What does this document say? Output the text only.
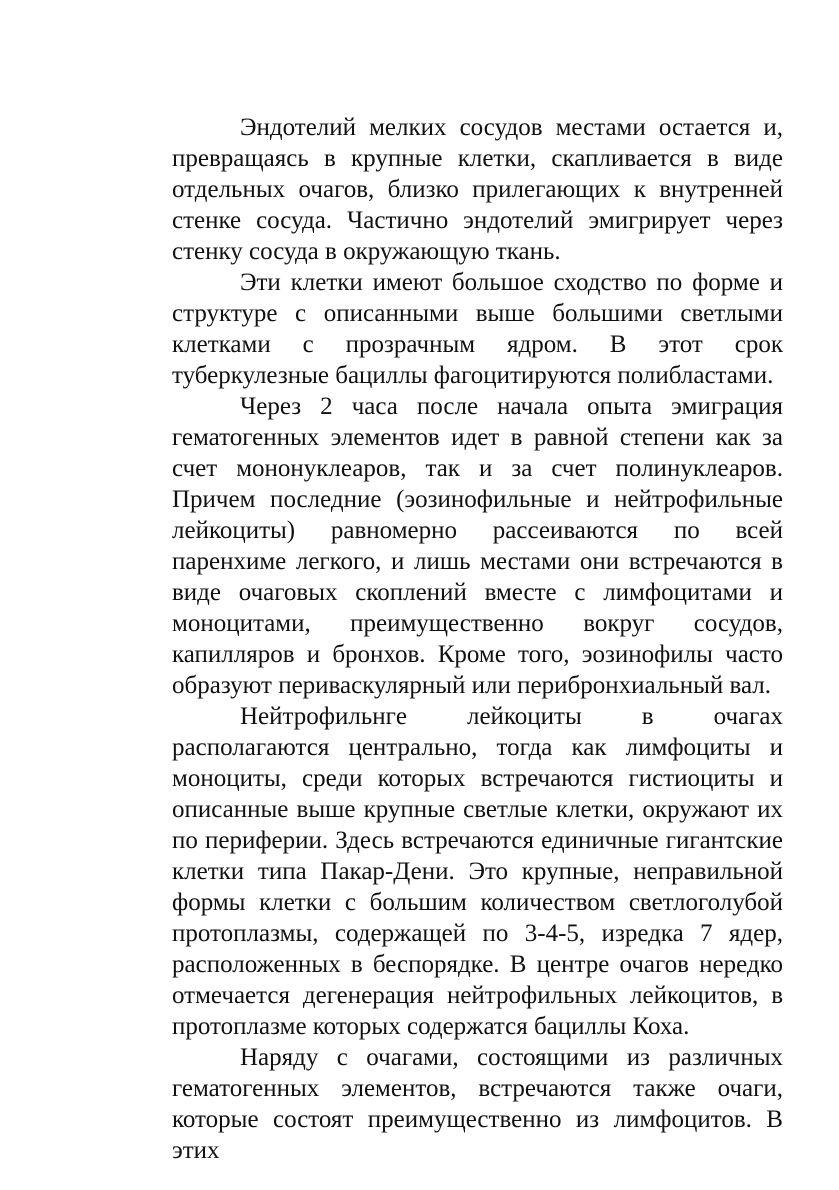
Эндотелий мелких сосудов местами остается и, превращаясь в крупные клетки, скапливается в виде отдельных очагов, близко прилегающих к внутренней стенке сосуда. Частично эндотелий эмигрирует через стенку сосуда в окружающую ткань.

Эти клетки имеют большое сходство по форме и структуре с описанными выше большими светлыми клетками с прозрачным ядром. В этот срок туберкулезные бациллы фагоцитируются полибластами.

Через 2 часа после начала опыта эмиграция гематогенных элементов идет в равной степени как за счет мононуклеаров, так и за счет полинуклеаров. Причем последние (эозинофильные и нейтрофильные лейкоциты) равномерно рассеиваются по всей паренхиме легкого, и лишь местами они встречаются в виде очаговых скоплений вместе с лимфоцитами и моноцитами, преимущественно вокруг сосудов, капилляров и бронхов. Кроме того, эозинофилы часто образуют периваскулярный или перибронхиальный вал.

Нейтрофильнгe лейкоциты в очагах располагаются центрально, тогда как лимфоциты и моноциты, среди которых встречаются гистиоциты и описанные выше крупные светлые клетки, окружают их по периферии. Здесь встречаются единичные гигантские клетки типа Пакар-Дени. Это крупные, неправильной формы клетки с большим количеством светлоголубой протоплазмы, содержащей по 3-4-5, изредка 7 ядер, расположенных в беспорядке. В центре очагов нередко отмечается дегенерация нейтрофильных лейкоцитов, в протоплазме которых содержатся бациллы Коха.

Наряду с очагами, состоящими из различных гематогенных элементов, встречаются также очаги, которые состоят преимущественно из лимфоцитов. В этих
